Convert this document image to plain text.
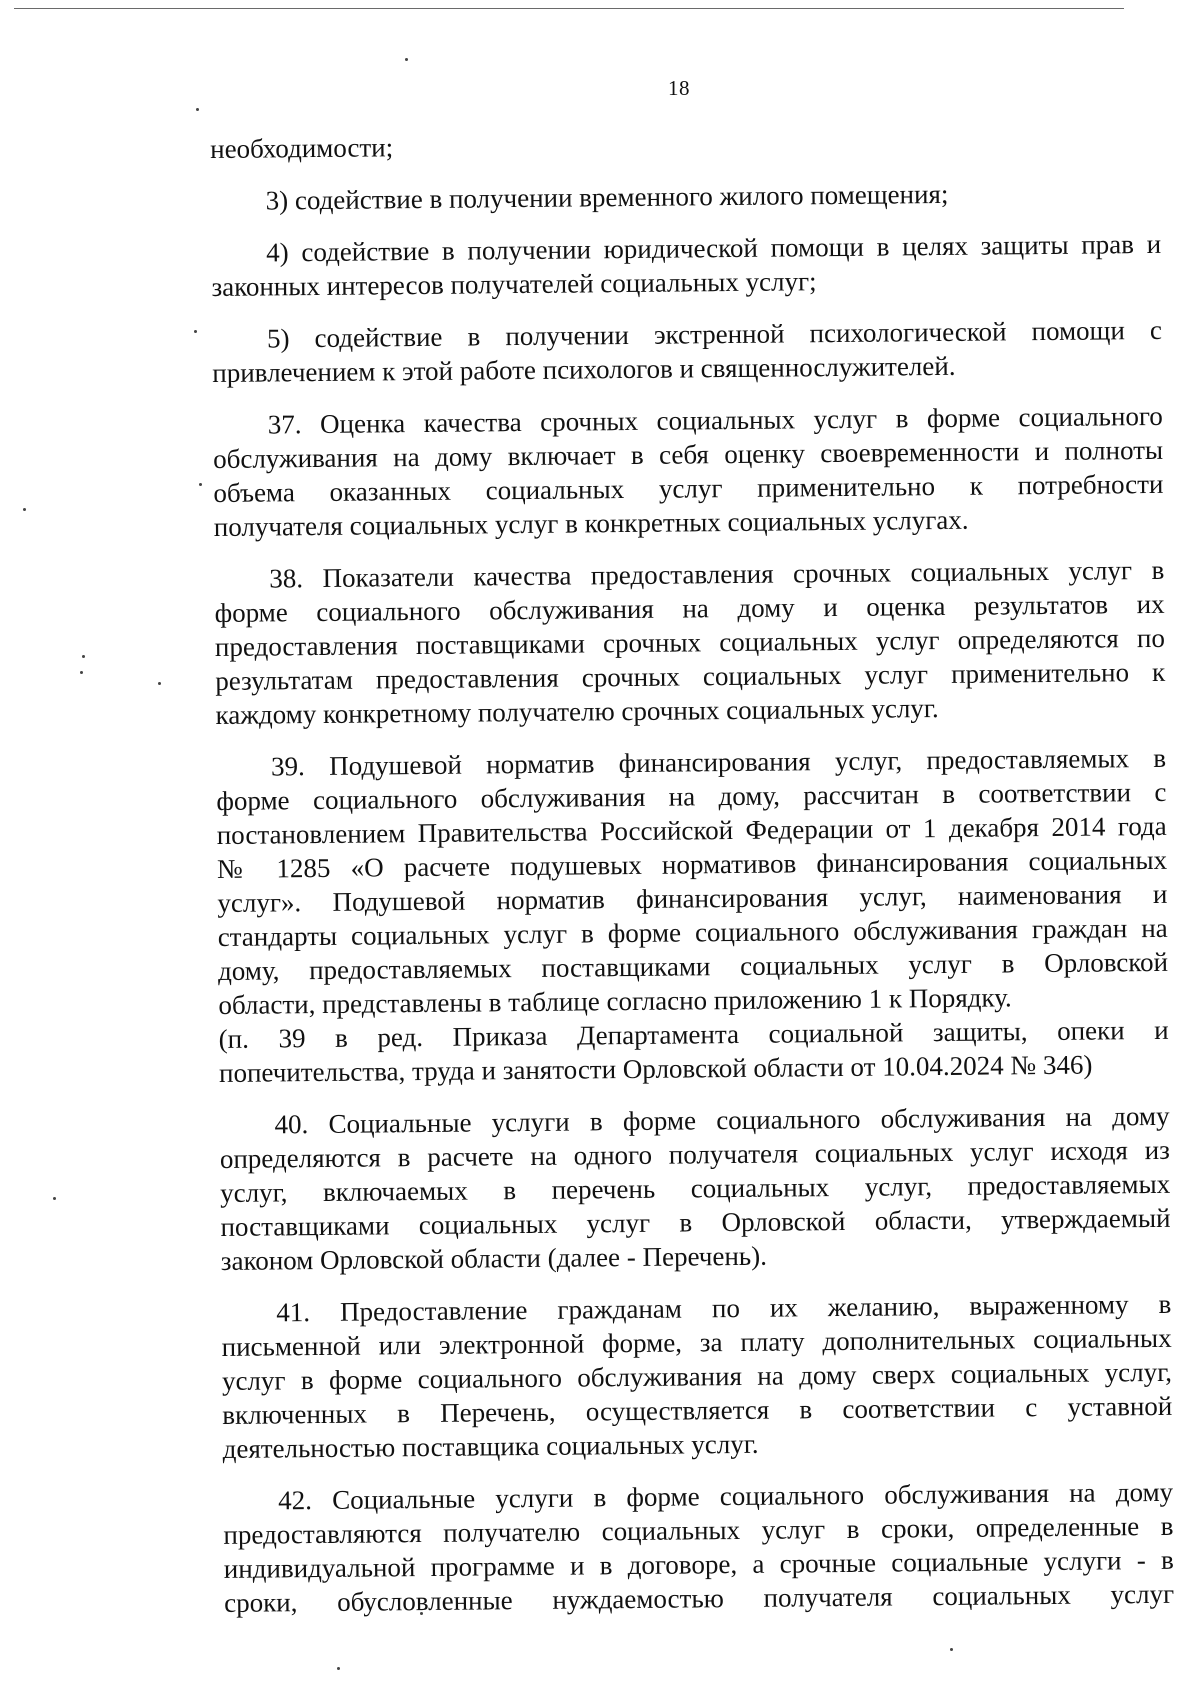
18
необходимости;
3) содействие в получении временного жилого помещения;
4) содействие в получении юридической помощи в целях защиты прав и
законных интересов получателей социальных услуг;
5) содействие в получении экстренной психологической помощи с
привлечением к этой работе психологов и священнослужителей.
37. Оценка качества срочных социальных услуг в форме социального
обслуживания на дому включает в себя оценку своевременности и полноты
объема оказанных социальных услуг применительно к потребности
получателя социальных услуг в конкретных социальных услугах.
38. Показатели качества предоставления срочных социальных услуг в
форме социального обслуживания на дому и оценка результатов их
предоставления поставщиками срочных социальных услуг определяются по
результатам предоставления срочных социальных услуг применительно к
каждому конкретному получателю срочных социальных услуг.
39. Подушевой норматив финансирования услуг, предоставляемых в
форме социального обслуживания на дому, рассчитан в соответствии с
постановлением Правительства Российской Федерации от 1 декабря 2014 года
№ 1285 «О расчете подушевых нормативов финансирования социальных
услуг». Подушевой норматив финансирования услуг, наименования и
стандарты социальных услуг в форме социального обслуживания граждан на
дому, предоставляемых поставщиками социальных услуг в Орловской
области, представлены в таблице согласно приложению 1 к Порядку.
(п. 39 в ред. Приказа Департамента социальной защиты, опеки и
попечительства, труда и занятости Орловской области от 10.04.2024 № 346)
40. Социальные услуги в форме социального обслуживания на дому
определяются в расчете на одного получателя социальных услуг исходя из
услуг, включаемых в перечень социальных услуг, предоставляемых
поставщиками социальных услуг в Орловской области, утверждаемый
законом Орловской области (далее - Перечень).
41. Предоставление гражданам по их желанию, выраженному в
письменной или электронной форме, за плату дополнительных социальных
услуг в форме социального обслуживания на дому сверх социальных услуг,
включенных в Перечень, осуществляется в соответствии с уставной
деятельностью поставщика социальных услуг.
42. Социальные услуги в форме социального обслуживания на дому
предоставляются получателю социальных услуг в сроки, определенные в
индивидуальной программе и в договоре, а срочные социальные услуги - в
сроки, обусловленные нуждаемостью получателя социальных услуг
